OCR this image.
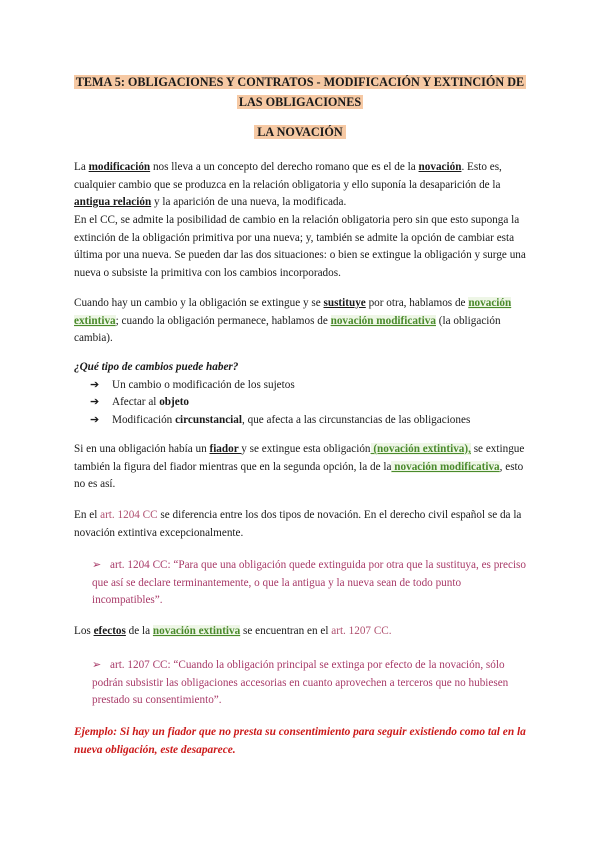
TEMA 5: OBLIGACIONES Y CONTRATOS - MODIFICACIÓN Y EXTINCIÓN DE
LAS OBLIGACIONES
LA NOVACIÓN

La modificación nos lleva a un concepto del derecho romano que es el de la novación. Esto es, cualquier cambio que se produzca en la relación obligatoria y ello suponía la desaparición de la antigua relación y la aparición de una nueva, la modificada.

En el CC, se admite la posibilidad de cambio en la relación obligatoria pero sin que esto suponga la extinción de la obligación primitiva por una nueva; y, también se admite la opción de cambiar esta última por una nueva. Se pueden dar las dos situaciones: o bien se extingue la obligación y surge una nueva o subsiste la primitiva con los cambios incorporados.

Cuando hay un cambio y la obligación se extingue y se sustituye por otra, hablamos de novación extintiva; cuando la obligación permanece, hablamos de novación modificativa (la obligación cambia).

¿Qué tipo de cambios puede haber?

➔	Un cambio o modificación de los sujetos
➔	Afectar al objeto
➔	Modificación circunstancial, que afecta a las circunstancias de las obligaciones

Si en una obligación había un fiador y se extingue esta obligación (novación extintiva), se extingue también la figura del fiador mientras que en la segunda opción, la de la novación modificativa, esto no es así.

En el art. 1204 CC se diferencia entre los dos tipos de novación. En el derecho civil español se da la novación extintiva excepcionalmente.

➢ art. 1204 CC: “Para que una obligación quede extinguida por otra que la sustituya, es preciso que así se declare terminantemente, o que la antigua y la nueva sean de todo punto incompatibles”.

Los efectos de la novación extintiva se encuentran en el art. 1207 CC.

➢ art. 1207 CC: “Cuando la obligación principal se extinga por efecto de la novación, sólo podrán subsistir las obligaciones accesorias en cuanto aprovechen a terceros que no hubiesen prestado su consentimiento”.

Ejemplo: Si hay un fiador que no presta su consentimiento para seguir existiendo como tal en la nueva obligación, este desaparece.
